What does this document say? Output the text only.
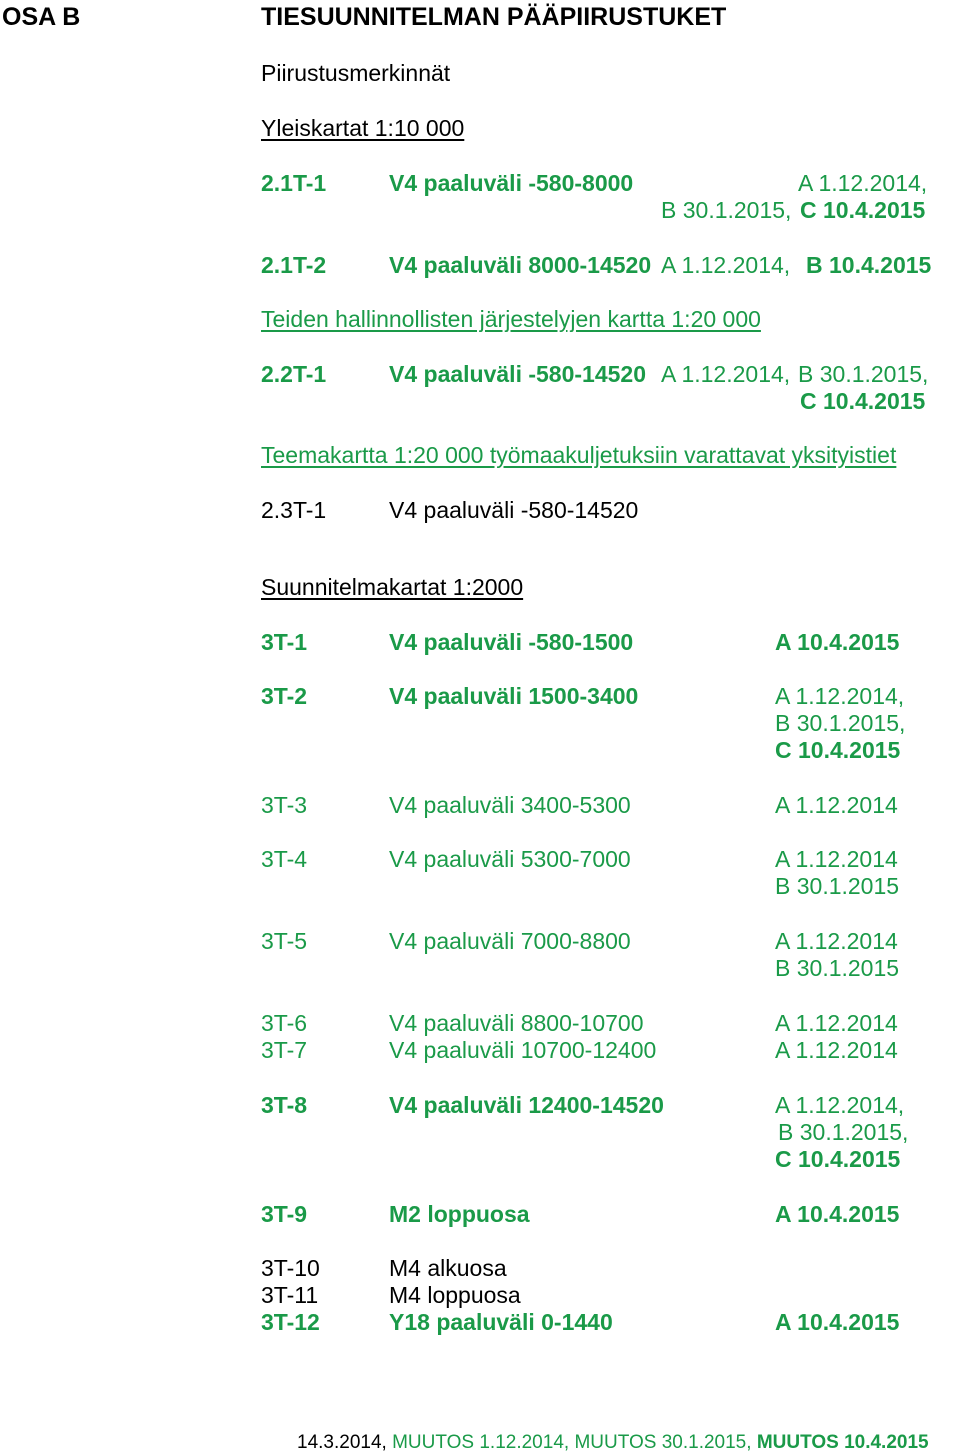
OSA B	TIESUUNNITELMAN PÄÄPIIRUSTUKET
Piirustusmerkinnät
Yleiskartat 1:10 000
2.1T-1	V4 paaluväli -580-8000	A 1.12.2014,
B 30.1.2015, C 10.4.2015
2.1T-2	V4 paaluväli 8000-14520 A 1.12.2014, B 10.4.2015
Teiden hallinnollisten järjestelyjen kartta 1:20 000
2.2T-1	V4 paaluväli -580-14520 A 1.12.2014, B 30.1.2015,
C 10.4.2015
Teemakartta 1:20 000 työmaakuljetuksiin varattavat yksityistiet
2.3T-1	V4 paaluväli -580-14520
Suunnitelmakartat 1:2000
3T-1	V4 paaluväli -580-1500	A 10.4.2015
3T-2	V4 paaluväli 1500-3400	A 1.12.2014,
B 30.1.2015,
C 10.4.2015
3T-3	V4 paaluväli 3400-5300	A 1.12.2014
3T-4	V4 paaluväli 5300-7000	A 1.12.2014
B 30.1.2015
3T-5	V4 paaluväli 7000-8800	A 1.12.2014
B 30.1.2015
3T-6	V4 paaluväli 8800-10700	A 1.12.2014
3T-7	V4 paaluväli 10700-12400	A 1.12.2014
3T-8	V4 paaluväli 12400-14520	A 1.12.2014,
B 30.1.2015,
C 10.4.2015
3T-9	M2 loppuosa	A 10.4.2015
3T-10	M4 alkuosa
3T-11	M4 loppuosa
3T-12	Y18 paaluväli 0-1440	A 10.4.2015
14.3.2014, MUUTOS 1.12.2014, MUUTOS 30.1.2015, MUUTOS 10.4.2015
